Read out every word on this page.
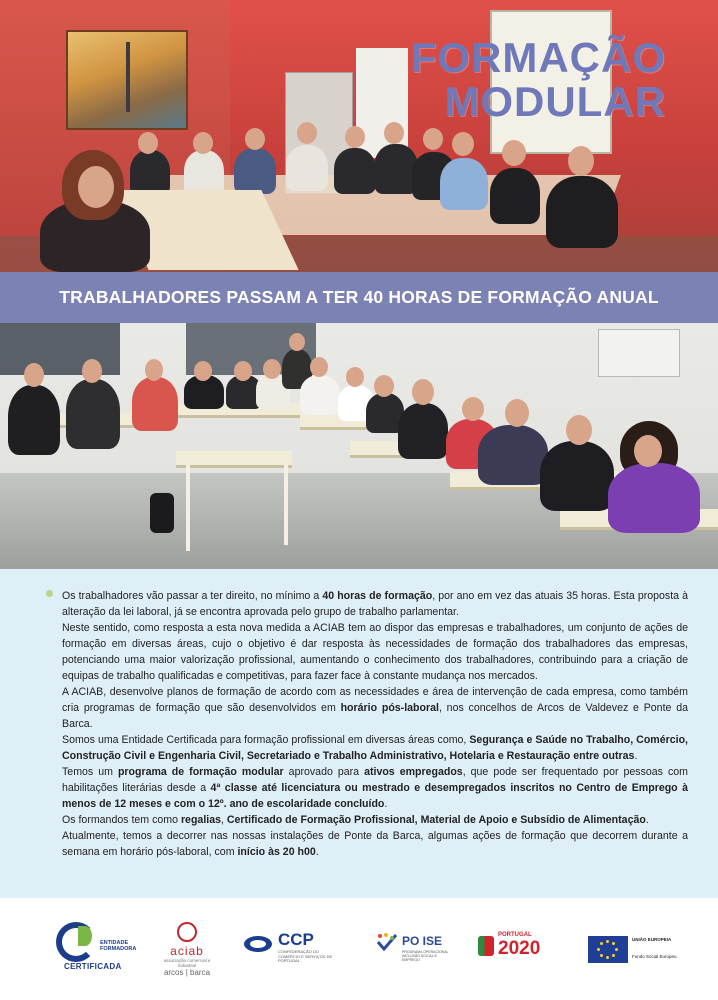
FORMAÇÃO
MODULAR
TRABALHADORES PASSAM A TER 40 HORAS DE FORMAÇÃO ANUAL

Os trabalhadores vão passar a ter direito, no mínimo a 40 horas de formação, por ano em vez das atuais 35 horas. Esta proposta à alteração da lei laboral, já se encontra aprovada pelo grupo de trabalho parlamentar.

Neste sentido, como resposta a esta nova medida a ACIAB tem ao dispor das empresas e trabalhadores, um conjunto de ações de formação em diversas áreas, cujo o objetivo é dar resposta às necessidades de formação dos trabalhadores das empresas, potenciando uma maior valorização profissional, aumentando o conhecimento dos trabalhadores, contribuindo para a criação de equipas de trabalho qualificadas e competitivas, para fazer face à constante mudança nos mercados.

A ACIAB, desenvolve planos de formação de acordo com as necessidades e área de intervenção de cada empresa, como também cria programas de formação que são desenvolvidos em horário pós-laboral, nos concelhos de Arcos de Valdevez e Ponte da Barca.

Somos uma Entidade Certificada para formação profissional em diversas áreas como, Segurança e Saúde no Trabalho, Comércio, Construção Civil e Engenharia Civil, Secretariado e Trabalho Administrativo, Hotelaria e Restauração entre outras.

Temos um programa de formação modular aprovado para ativos empregados, que pode ser frequentado por pessoas com habilitações literárias desde a 4ª classe até licenciatura ou mestrado e desempregados inscritos no Centro de Emprego à menos de 12 meses e com o 12º. ano de escolaridade concluído.

Os formandos tem como regalias, Certificado de Formação Profissional, Material de Apoio e Subsídio de Alimentação.

Atualmente, temos a decorrer nas nossas instalações de Ponte da Barca, algumas ações de formação que decorrem durante a semana em horário pós-laboral, com início às 20 h00.

ENTIDADE FORMADORA
CERTIFICADA
aciab
associação comercial e industrial
arcos | barca
CCP
CONFEDERAÇÃO DO COMÉRCIO E SERVIÇOS DE PORTUGAL
PO ISE
PROGRAMA OPERACIONAL INCLUSÃO SOCIAL E EMPREGO
PORTUGAL
2020	UNIÃO EUROPEIA
Fundo Social Europeu
